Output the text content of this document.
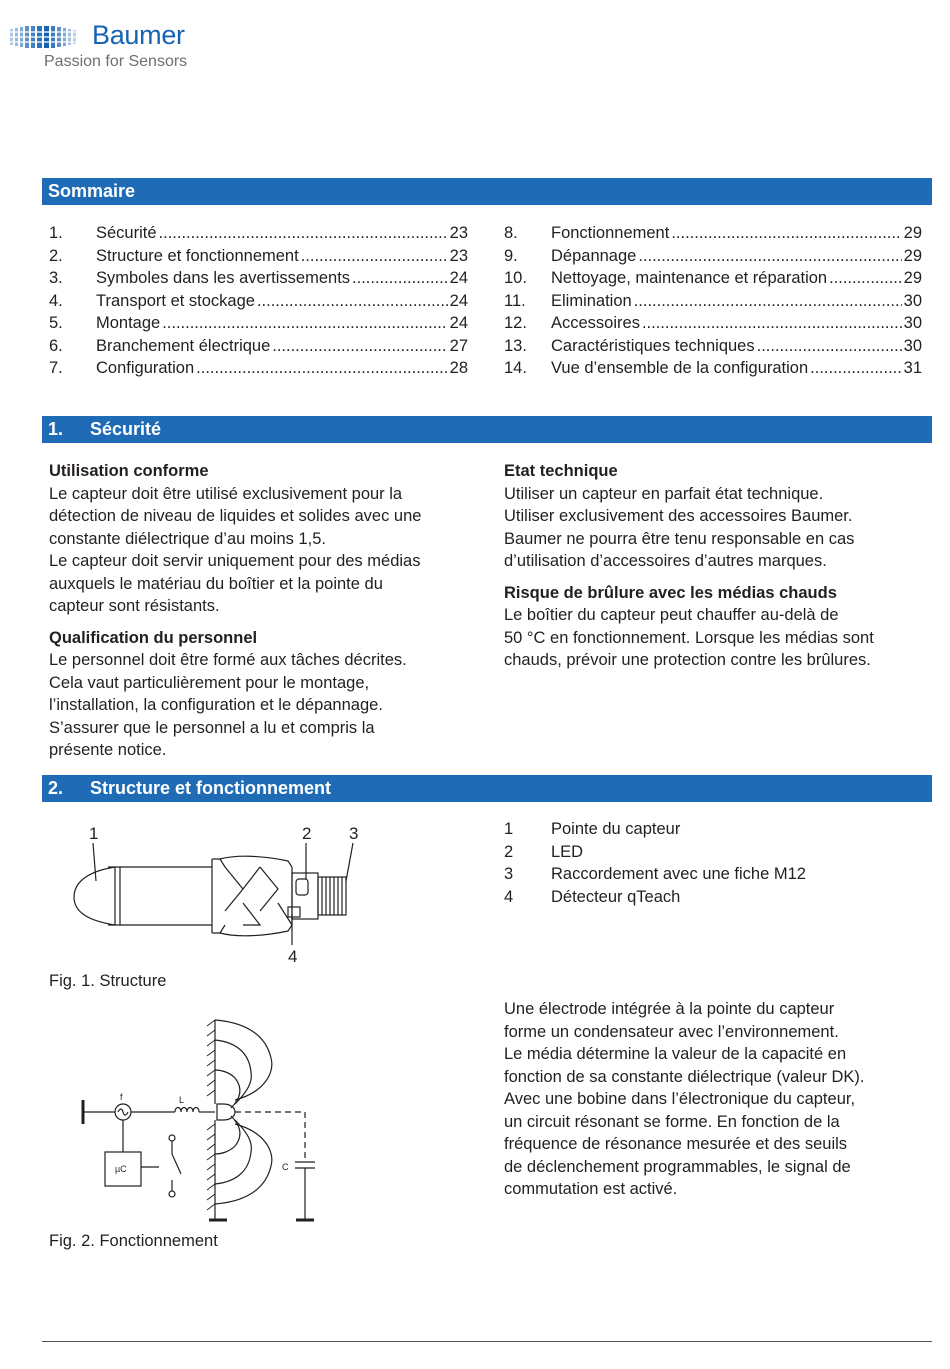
Baumer
Passion for Sensors
Sommaire
1.	Sécurité .....	23
2.	Structure et fonctionnement .....	23
3.	Symboles dans les avertissements .....	24
4.	Transport et stockage .....	24
5.	Montage .....	24
6.	Branchement électrique .....	27
7.	Configuration .....	28
8.	Fonctionnement .....	29
9.	Dépannage .....	29
10.	Nettoyage, maintenance et réparation .....	29
11.	Elimination .....	30
12.	Accessoires .....	30
13.	Caractéristiques techniques .....	30
14.	Vue d’ensemble de la configuration .....	31
1. Sécurité
Utilisation conforme

Le capteur doit être utilisé exclusivement pour la
détection de niveau de liquides et solides avec une
constante diélectrique d’au moins 1,5.
Le capteur doit servir uniquement pour des médias
auxquels le matériau du boîtier et la pointe du
capteur sont résistants.

Qualification du personnel

Le personnel doit être formé aux tâches décrites.
Cela vaut particulièrement pour le montage,
l’installation, la configuration et le dépannage.
S’assurer que le personnel a lu et compris la
présente notice.

Etat technique

Utiliser un capteur en parfait état technique.
Utiliser exclusivement des accessoires Baumer.
Baumer ne pourra être tenu responsable en cas
d’utilisation d’accessoires d’autres marques.

Risque de brûlure avec les médias chauds

Le boîtier du capteur peut chauffer au-delà de
50 °C en fonctionnement. Lorsque les médias sont
chauds, prévoir une protection contre les brûlures.

2. Structure et fonctionnement
1	2 3
4
Fig. 1. Structure
1	Pointe du capteur
2	LED
3	Raccordement avec une fiche M12
4	Détecteur qTeach
f	L
µC	C
Fig. 2. Fonctionnement

Une électrode intégrée à la pointe du capteur
forme un condensateur avec l’environnement.
Le média détermine la valeur de la capacité en
fonction de sa constante diélectrique (valeur DK).
Avec une bobine dans l’électronique du capteur,
un circuit résonant se forme. En fonction de la
fréquence de résonance mesurée et des seuils
de déclenchement programmables, le signal de
commutation est activé.
